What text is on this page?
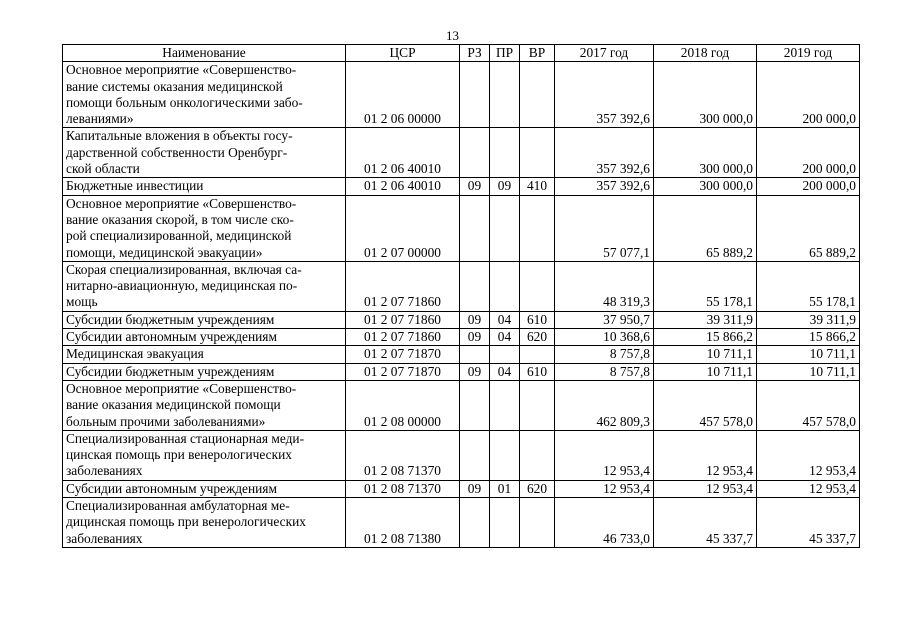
13
Наименование	ЦСР	РЗ	ПР	ВР	2017 год	2018 год	2019 год
Основное мероприятие «Совершенство-
вание системы оказания медицинской
помощи больным онкологическими забо-
леваниями»	01 2 06 00000				357 392,6	300 000,0	200 000,0
Капитальные вложения в объекты госу-
дарственной собственности Оренбург-
ской области	01 2 06 40010				357 392,6	300 000,0	200 000,0
Бюджетные инвестиции	01 2 06 40010	09	09	410	357 392,6	300 000,0	200 000,0
Основное мероприятие «Совершенство-
вание оказания скорой, в том числе ско-
рой специализированной, медицинской
помощи, медицинской эвакуации»	01 2 07 00000				57 077,1	65 889,2	65 889,2
Скорая специализированная, включая са-
нитарно-авиационную, медицинская по-
мощь	01 2 07 71860				48 319,3	55 178,1	55 178,1
Субсидии бюджетным учреждениям	01 2 07 71860	09	04	610	37 950,7	39 311,9	39 311,9
Субсидии автономным учреждениям	01 2 07 71860	09	04	620	10 368,6	15 866,2	15 866,2
Медицинская эвакуация	01 2 07 71870				8 757,8	10 711,1	10 711,1
Субсидии бюджетным учреждениям	01 2 07 71870	09	04	610	8 757,8	10 711,1	10 711,1
Основное мероприятие «Совершенство-
вание оказания медицинской помощи
больным прочими заболеваниями»	01 2 08 00000				462 809,3	457 578,0	457 578,0
Специализированная стационарная меди-
цинская помощь при венерологических
заболеваниях	01 2 08 71370				12 953,4	12 953,4	12 953,4
Субсидии автономным учреждениям	01 2 08 71370	09	01	620	12 953,4	12 953,4	12 953,4
Специализированная амбулаторная ме-
дицинская помощь при венерологических
заболеваниях	01 2 08 71380				46 733,0	45 337,7	45 337,7
